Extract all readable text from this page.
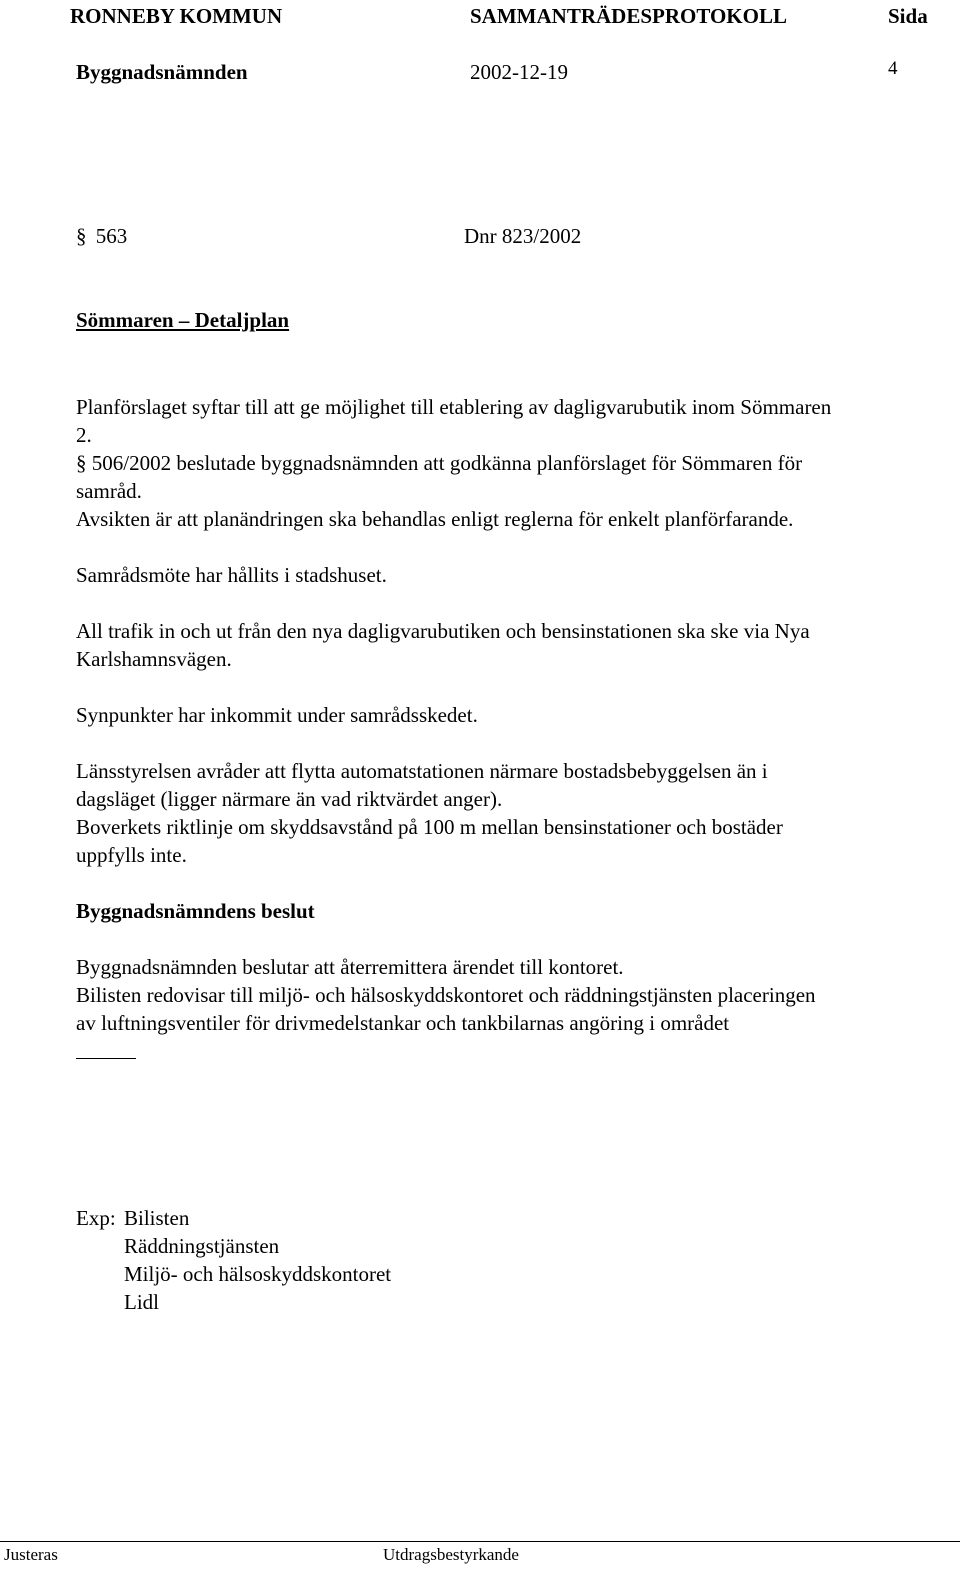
RONNEBY KOMMUN	SAMMANTRÄDESPROTOKOLL	Sida
Byggnadsnämnden	2002-12-19	4
§ 563	Dnr 823/2002
Sömmaren – Detaljplan
Planförslaget syftar till att ge möjlighet till etablering av dagligvarubutik inom Sömmaren
2.
§ 506/2002 beslutade byggnadsnämnden att godkänna planförslaget för Sömmaren för
samråd.
Avsikten är att planändringen ska behandlas enligt reglerna för enkelt planförfarande.
Samrådsmöte har hållits i stadshuset.
All trafik in och ut från den nya dagligvarubutiken och bensinstationen ska ske via Nya
Karlshamnsvägen.
Synpunkter har inkommit under samrådsskedet.
Länsstyrelsen avråder att flytta automatstationen närmare bostadsbebyggelsen än i
dagsläget (ligger närmare än vad riktvärdet anger).
Boverkets riktlinje om skyddsavstånd på 100 m mellan bensinstationer och bostäder
uppfylls inte.
Byggnadsnämndens beslut
Byggnadsnämnden beslutar att återremittera ärendet till kontoret.
Bilisten redovisar till miljö- och hälsoskyddskontoret och räddningstjänsten placeringen
av luftningsventiler för drivmedelstankar och tankbilarnas angöring i området
Exp: Bilisten
Räddningstjänsten
Miljö- och hälsoskyddskontoret
Lidl
Justeras	Utdragsbestyrkande
